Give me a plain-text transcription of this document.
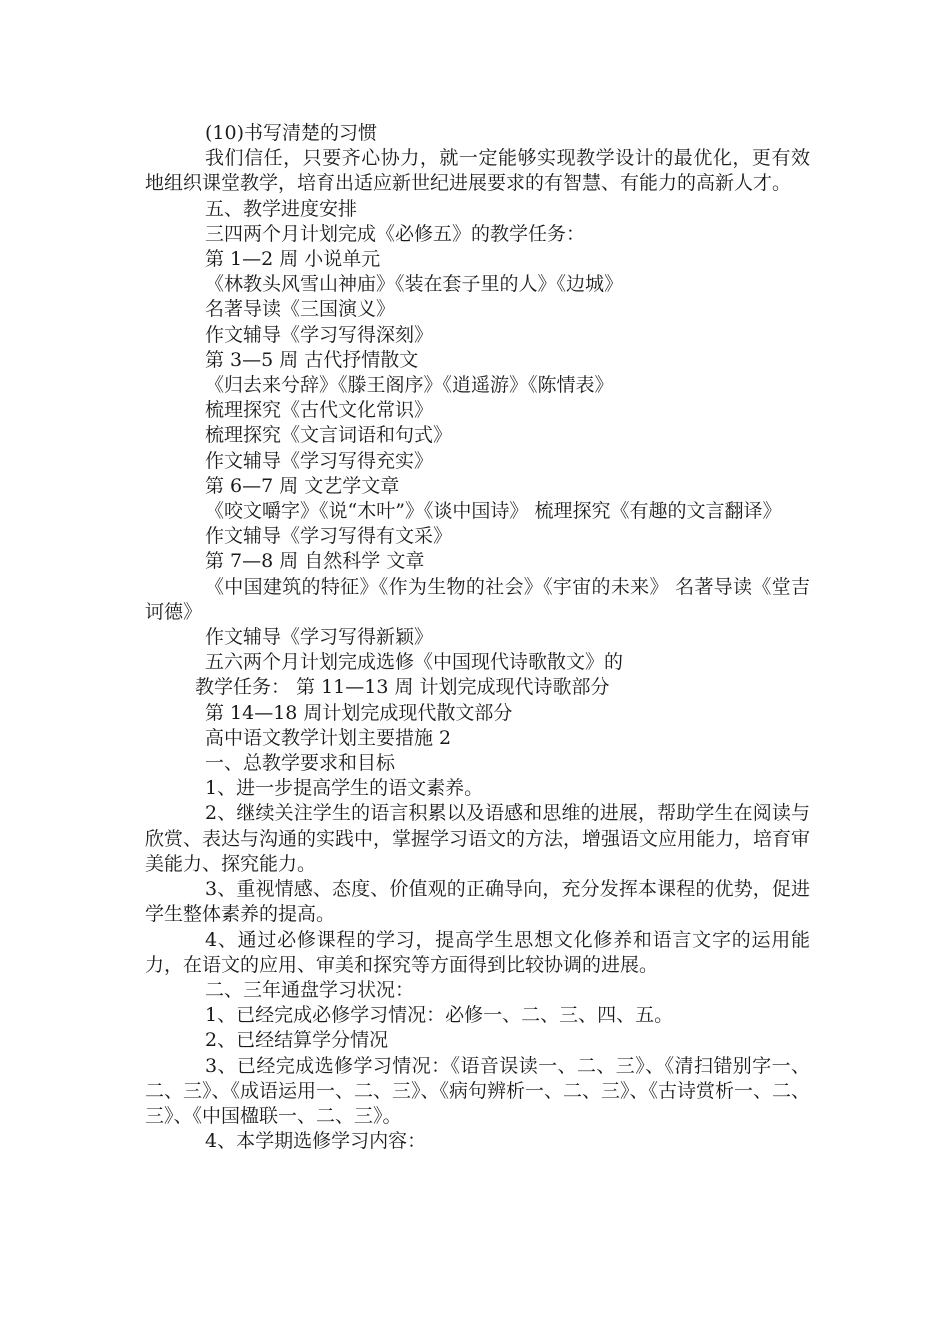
(10)书写清楚的习惯

我们信任，只要齐心协力，就一定能够实现教学设计的最优化，更有效地组织课堂教学，培育出适应新世纪进展要求的有智慧、有能力的高新人才。

五、教学进度安排

三四两个月计划完成《必修五》的教学任务：

第 1—2 周 小说单元

《林教头风雪山神庙》《装在套子里的人》《边城》

名著导读《三国演义》

作文辅导《学习写得深刻》

第 3—5 周 古代抒情散文

《归去来兮辞》《滕王阁序》《逍遥游》《陈情表》

梳理探究《古代文化常识》

梳理探究《文言词语和句式》

作文辅导《学习写得充实》

第 6—7 周 文艺学文章

《咬文嚼字》《说“木叶”》《谈中国诗》 梳理探究《有趣的文言翻译》

作文辅导《学习写得有文采》

第 7—8 周 自然科学 文章

《中国建筑的特征》《作为生物的社会》《宇宙的未来》 名著导读《堂吉诃德》

作文辅导《学习写得新颖》

五六两个月计划完成选修《中国现代诗歌散文》的

教学任务： 第 11—13 周 计划完成现代诗歌部分

第 14—18 周计划完成现代散文部分

高中语文教学计划主要措施 2

一、总教学要求和目标

1、进一步提高学生的语文素养。

2、继续关注学生的语言积累以及语感和思维的进展，帮助学生在阅读与欣赏、表达与沟通的实践中，掌握学习语文的方法，增强语文应用能力，培育审美能力、探究能力。

3、重视情感、态度、价值观的正确导向，充分发挥本课程的优势，促进学生整体素养的提高。

4、通过必修课程的学习，提高学生思想文化修养和语言文字的运用能力，在语文的应用、审美和探究等方面得到比较协调的进展。

二、三年通盘学习状况：

1、已经完成必修学习情况：必修一、二、三、四、五。

2、已经结算学分情况

3、已经完成选修学习情况：《语音误读一、二、三》、《清扫错别字一、二、三》、《成语运用一、二、三》、《病句辨析一、二、三》、《古诗赏析一、二、三》、《中国楹联一、二、三》。

4、本学期选修学习内容：
